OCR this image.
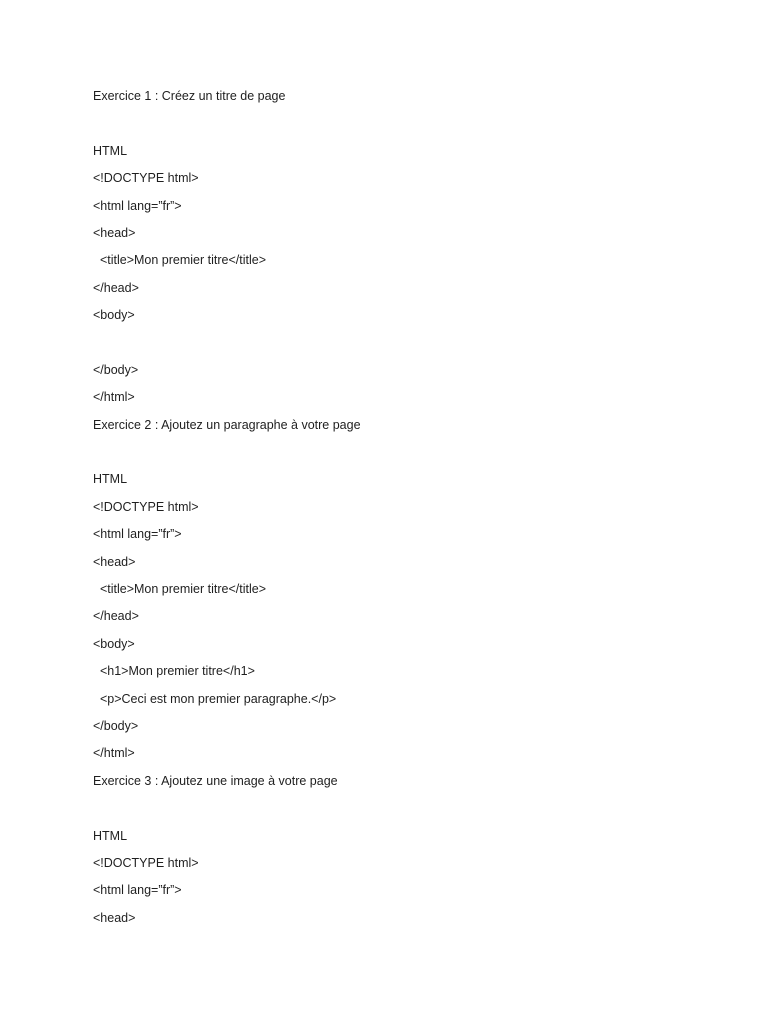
Exercice 1 : Créez un titre de page
HTML
<!DOCTYPE html>
<html lang=”fr”>
<head>
<title>Mon premier titre</title>
</head>
<body>
</body>
</html>
Exercice 2 : Ajoutez un paragraphe à votre page
HTML
<!DOCTYPE html>
<html lang=”fr”>
<head>
<title>Mon premier titre</title>
</head>
<body>
<h1>Mon premier titre</h1>
<p>Ceci est mon premier paragraphe.</p>
</body>
</html>
Exercice 3 : Ajoutez une image à votre page
HTML
<!DOCTYPE html>
<html lang=”fr”>
<head>
